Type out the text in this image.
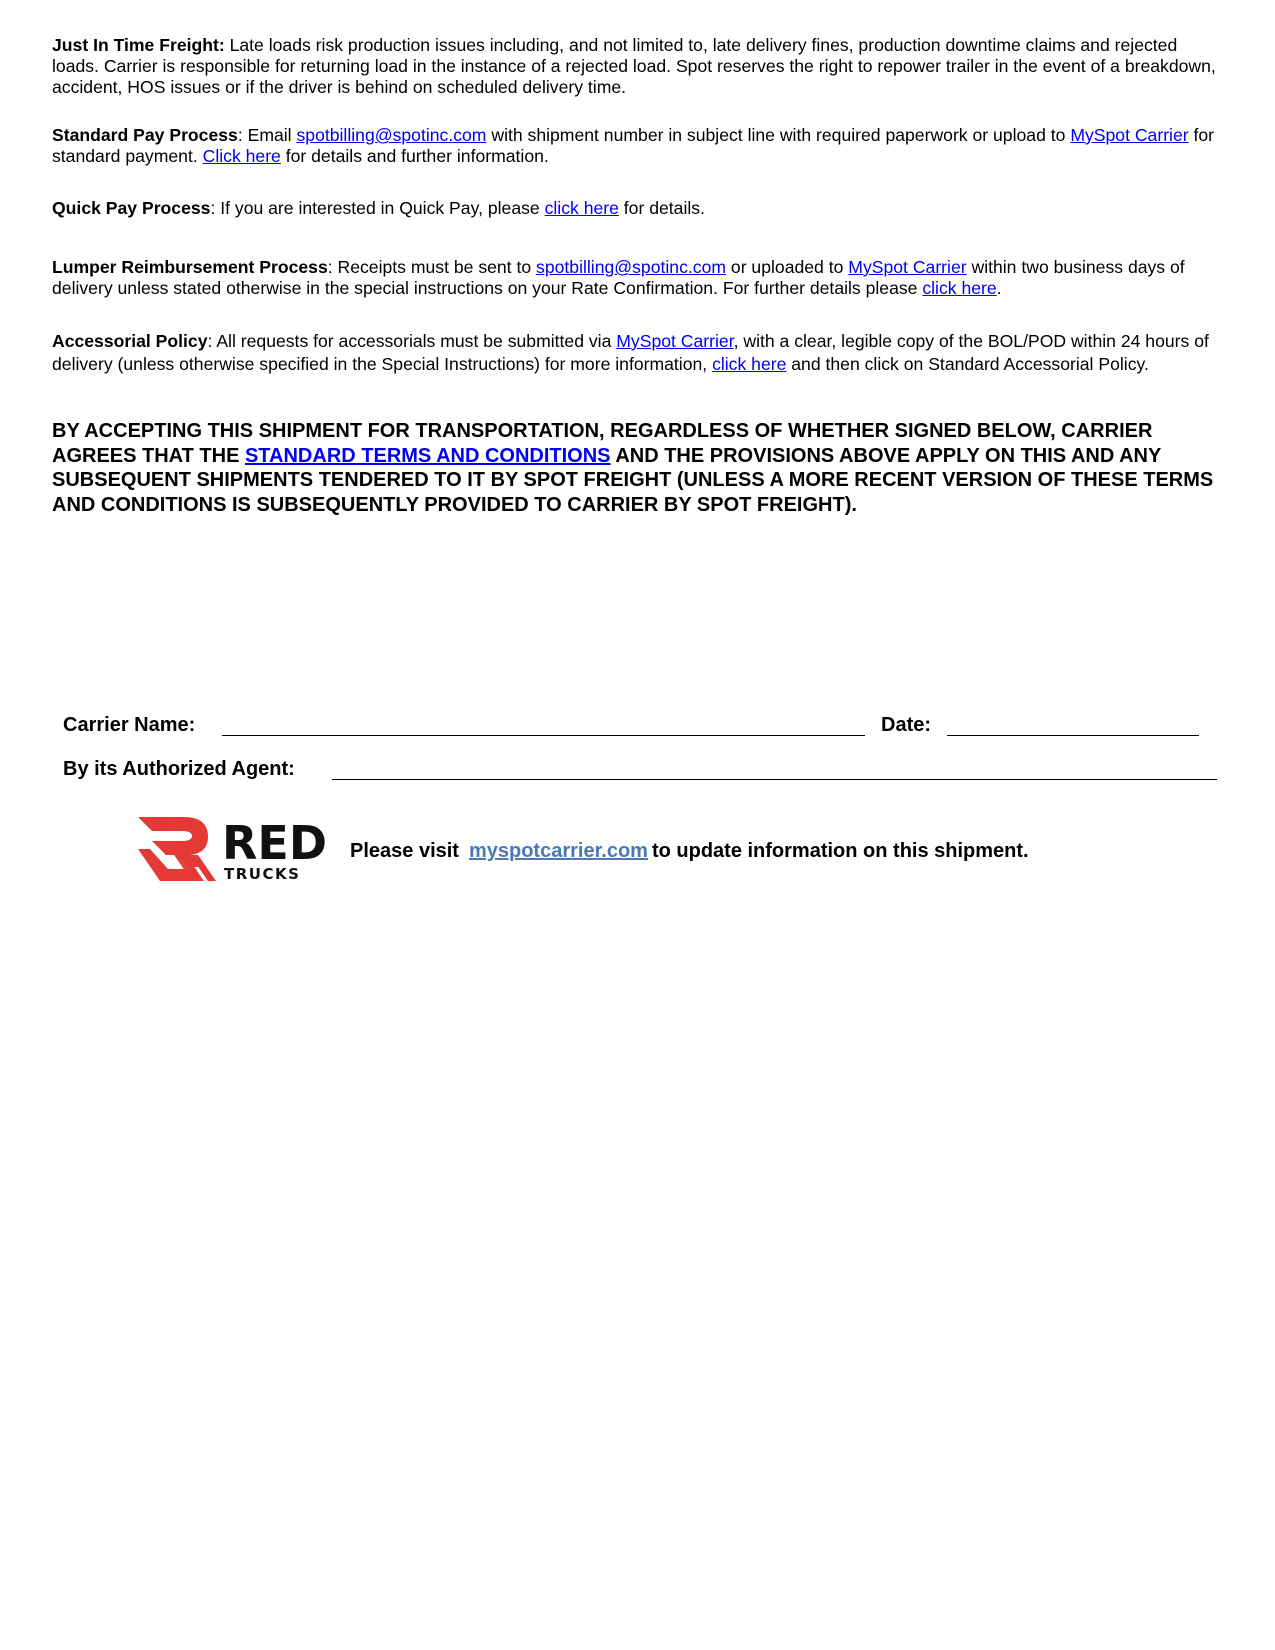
Just In Time Freight: Late loads risk production issues including, and not limited to, late delivery fines, production downtime claims and rejected loads. Carrier is responsible for returning load in the instance of a rejected load. Spot reserves the right to repower trailer in the event of a breakdown, accident, HOS issues or if the driver is behind on scheduled delivery time.

Standard Pay Process: Email spotbilling@spotinc.com with shipment number in subject line with required paperwork or upload to MySpot Carrier for standard payment. Click here for details and further information.

Quick Pay Process: If you are interested in Quick Pay, please click here for details.

Lumper Reimbursement Process: Receipts must be sent to spotbilling@spotinc.com or uploaded to MySpot Carrier within two business days of delivery unless stated otherwise in the special instructions on your Rate Confirmation. For further details please click here.

Accessorial Policy: All requests for accessorials must be submitted via MySpot Carrier, with a clear, legible copy of the BOL/POD within 24 hours of delivery (unless otherwise specified in the Special Instructions) for more information, click here and then click on Standard Accessorial Policy.

BY ACCEPTING THIS SHIPMENT FOR TRANSPORTATION, REGARDLESS OF WHETHER SIGNED BELOW, CARRIER AGREES THAT THE STANDARD TERMS AND CONDITIONS AND THE PROVISIONS ABOVE APPLY ON THIS AND ANY SUBSEQUENT SHIPMENTS TENDERED TO IT BY SPOT FREIGHT (UNLESS A MORE RECENT VERSION OF THESE TERMS AND CONDITIONS IS SUBSEQUENTLY PROVIDED TO CARRIER BY SPOT FREIGHT).

Carrier Name:	Date:
By its Authorized Agent:
RED
TRUCKS
Please visit myspotcarrier.com to update information on this shipment.
